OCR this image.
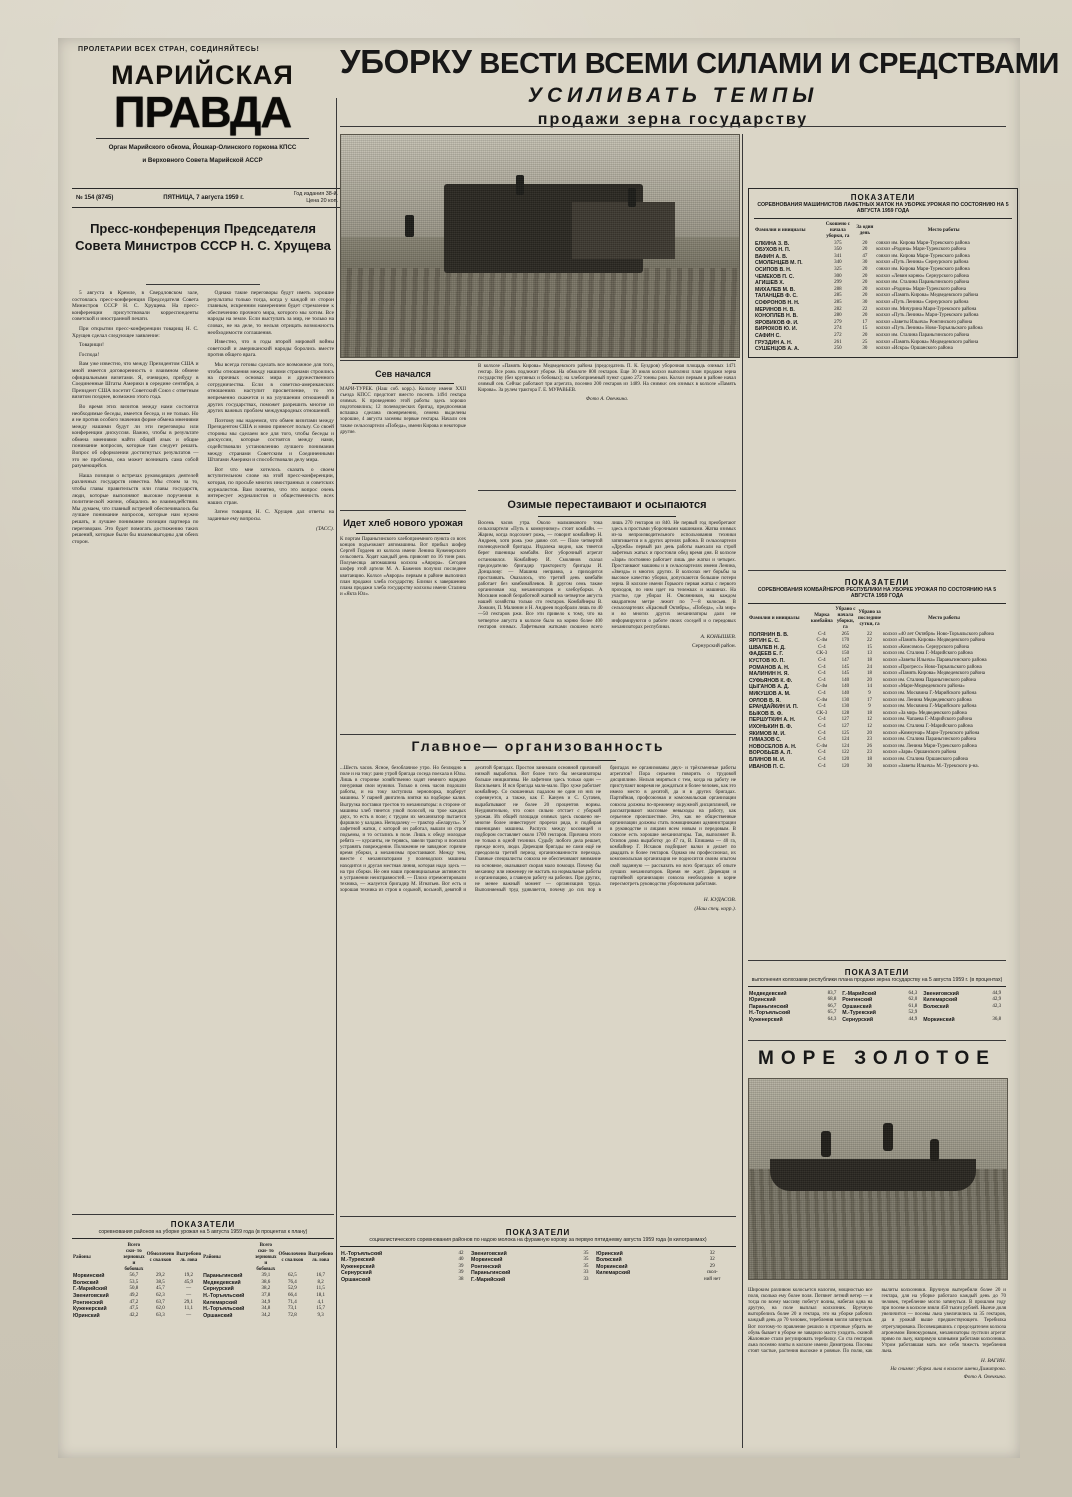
ПРОЛЕТАРИИ ВСЕХ СТРАН, СОЕДИНЯЙТЕСЬ!
МАРИЙСКАЯ
ПРАВДА
Орган Марийского обкома, Йошкар-Олинского горкома КПСС
и Верховного Совета Марийской АССР
№ 154 (8745)	ПЯТНИЦА, 7 августа 1959 г.
Год издания 38-й.
Цена 20 коп.
Пресс-конференция Председателя Совета Министров СССР Н. С. Хрущева

5 августа в Кремле, в Свердловском зале, состоялась пресс-конференция Председателя Совета Министров СССР Н. С. Хрущева. На пресс-конференции присутствовали корреспонденты советской и иностранной печати.

При открытии пресс-конференции товарищ Н. С. Хрущев сделал следующее заявление:

Товарищи!

Господа!

Вам уже известно, что между Президентом США и мной имеется договоренность о взаимном обмене официальными визитами. Я, очевидно, прибуду в Соединенные Штаты Америки в середине сентября, а Президент США посетит Советский Союз с ответным визитом позднее, возможно этого года.

Во время этих визитов между нами состоятся необходимые беседы, имеется беседа, и не только. Но я не против особого значения форме обмена мнениями между нашими будут ли эти переговоры или конференции дискуссия. Важно, чтобы в результате обмена мнениями найти общий язык и общие понимание вопросов, которые там следует решать. Вопрос об оформлении достигнутых результатов — это не проблема, она может возникать сама собой разумеющейся.

Наша позиция о встречах руководящих деятелей различных государств известна. Мы стоим за то, чтобы главы правительств или главы государств, люди, которые выполняют высокие поручения в политической жизни, общались во взаимодействии. Мы думаем, что главный встречей обеспечивалось бы лучшее понимание вопросов, которые нам нужно решать, и лучшее понимание позиции партнера по переговорам. Это будет помогать достижению таких решений, которые были бы взаимовыгодны для обеих сторон.

Однако такие переговоры будут иметь хорошие результаты только тогда, когда у каждой из сторон главным, искренним намерением будет стремление к обеспечению прочного мира, которого мы хотим. Все народы на земле. Если выступать за мир, не только на словах, не на деле, то нельзя отрицать возможность необходимости соглашения.

Известно, что в годы второй мировой войны советский и американский народы боролись вместе против общего врага.

Мы всегда готовы сделать все возможное для того, чтобы отношения между нашими странами строились на прочных основах мира и дружественного сотрудничества. Если в советско-американских отношениях наступит просветление, то это непременно скажется и на улучшении отношений в других государствах, поможет разрешить многие из других важных проблем международных отношений.

Поэтому мы надеемся, что обмен визитами между Президентом США и мною принесет пользу. Со своей стороны мы сделаем все для того, чтобы беседы и дискуссии, которые состоятся между нами, содействовали установлению лучшего понимания между странами Советским и Соединенными Штатами Америки и способствовали делу мира.

Вот что мне хотелось сказать о своем вступительном слове на этой пресс-конференции, которая, по просьбе многих иностранных и советских журналистов. Вам понятно, что это вопрос очень интересует журналистов и общественность всех наших стран.

Затем товарищ Н. С. Хрущев дал ответы на заданные ему вопросы.

(ТАСС).

ПОКАЗАТЕЛИ
соревнования районов на уборке урожая на 5 августа 1959 года (в процентах к плану)
Районы	Всего ски- то зерновых и бобовых	Обмолочено с свалков	Выгребоно ль лова	Районы	Всего ски- то зерновых и бобовых	Обмолочено с свалков	Выгребоно ль лова
Моркинский	56,7	29,2	19,2	Параньгинский	39,1	62,5	16,7
Волжский	53,5	38,5	45,9	Медведевский	38,6	76,4	8,2
Г.-Марийский	50,8	45,7	—	Сернурский	38,2	52,9	11,5
Звениговский	49,2	62,3	—	Н.-Торъяльский	37,8	66,4	18,1
Ронгинский	47,2	63,7	29,1	Килемарский	34,9	71,4	4,1
Куженерский	47,5	62,0	11,1	Н.-Торъяльский	34,8	73,1	15,7
Юринский	42,2	63,3	—	Оршанский	34,2	72,8	9,3
УБОРКУ ВЕСТИ ВСЕМИ СИЛАМИ И СРЕДСТВАМИ
УСИЛИВАТЬ ТЕМПЫ
продажи зерна государству
Сев начался
МАРИ-ТУРЕК. (Наш соб. корр.). Колхозу имени XXII съезда КПСС предстоит вместо посеять 1494 гектара озимых. К проведению этой работы здесь хорошо подготовились; 12 полеводческих бригад, предпосевная вспашка сделана своевременно, семена выделены хорошие, 4 августа засеяны первые гектары. Начали сев также сельхозартели «Победа», имени Кирова и некоторые другие.
В колхозе «Память Кирова» Медведевского района (председатель П. К. Буздров) уборочная площадь озимых 1471 гектар. Все рожь подлежит уборке. На обмолоте 800 гектаров. Еще 30 июля колхоз выполнил план продажи зерна государству (без крупяных и бобовых); на хлебоприемный пункт сдано 272 тонны ржи. Колхоз первым в районе начал озимый сев. Сейчас работают три агрегата, посеяно 200 гектаров из 1489. На снимке: сев озимых в колхозе «Память Кирова». За рулем трактора Г. Е. МУРАВЬЕВ.
Фото А. Овечкина.
Идет хлеб нового урожая
К портам Параньгинского хлебоприемного пункта со всех концов подъезжают автомашины. Вот прибыл шофер Сергей Гордеев из колхоза имени Ленина Куженерского сельсовета. Ходят каждый день привозят по 16 тонн ржи. Полумесяца автомашина колхоза «Аврора». Сегодня шофер этой артели М. А. Баженов получил последнее квитанцию. Колхоз «Аврора» первым в районе выполнил план продажи хлеба государству. Близки к завершению плана продажи хлеба государству колхозы имени Сталина и «Якта Юл».
Озимые перестаивают и осыпаются
Восемь часов утра. Около мальчикового тока сельхозартели «Путь к коммунизму» стоит комбайн. — Жарим, когда подсохнет рожь, — говорит комбайнер Н. Андреев, хотя рожь уже давно сот. — Поле четвертой полеводческой бригады. Издалека видно, как тянется берег пшеницы комбайн. Вот уборочный агрегат остановился. Комбайнер И. Смолянов сказал председателю бригадир трактористу бригады И. Донцалову: — Машина неправна, а приходится простаивать. Оказалось, что третий день комбайн работает без комбинайлевов. В другом семь также организован ход механизаторов и хлебоуборки. А Москвин новой безработной жатвой на четвертое августа нашей хозяйства только сто гектаров. Комбайнеры В. Ложкин, П. Малинин и Н. Андреев подобрали лишь по 40—50 гектаров ржи. Все эти привело к тому, что на четвертое августа в колхозе было на корню более 400 гектаров озимых. Лафетными жатками скошено всего лишь 270 гектаров из 840. Не первый год преобретают здесь в простыми уборочными машинами. Жатва озимых из-за непроизводительного использования техники затягивается и в других артелях района. В сельхозартели «Дружба» первый раз день работы выехали на строй лафетных жатых и простояли обед время дня. В колхозе «Заря» постоянно работает лишь две жатки и четырех. Простаивают машины и в сельхозартелях имени Ленина, «Звезда» и многих других. В колхозах нет борьбы за высокое качество уборки, допускаются большие потери зерна. В колхозе имени Горького первая жатка с первого проходов, по ним идет на тележках и машинах. На участке, где убирал Н. Овсянников, на каждом квадратном метре лежит по 7—8 колосьев. В сельхозартелях «Красный Октябрь», «Победа», «За мир» и во многих других механизаторы дали не информируются о работе своих соседей и о передовых механизаторах республики.
А. КОНЫШЕВ.
Сернурский район.
Главное— организованность
...Шесть часов. Ясное, безоблачное утро. Но безлюдно в поле и на току: рано утрой бригада соседа поехала в Юлы. Лишь в сторонке хозяйственно ходят немного нарядно понуривая свои мужики. Только в семь часов подошли работы, и на току заступила зернопорка, подберут машины. У парней двигатель взятки на подборке калия. Выгрузка поставки трестов то механизаторы: в стороне от машины хлеб тянется узкой полосой, на трое каждых двух, то есть в поле; с трудом их механизатор пытается фаршило у калдана. Неподалеку — трактор «Беларусь». У лафетной жатки, с которой он работал, вышли из строя подъемы, и то остались в поле. Лишь к обеду молодые ребята — курсанты, не теряясь, завели трактор и поехали устранять повреждение. Положение не завидное: горячие время уборки, а механизмы простаивают. Между тем, вместе с механизаторами у полеводских машины находится и другая местная линия, которая надо здесь — на три сборки. Не они наши провинциальные активности в устранении неисправностей. — Плохо отремонтировали техника, — жалуется бригадир М. Игнатьев. Вот есть и хорошая техника из строя в седьмой, восьмой, девятой и десятой бригадах. Простои занимали основной причиной низкой выработки. Вот более того бы механизаторы больше инициативы. Не лафетном здесь только один — Васильевич. И вся бригада мало-мало. Про хуже работает комбайнер. Со скошенных падалом не один из них не соревнуется, а также, как Г. Кануев и С. Сугачев, вырабатывают не более 20 процентов нормы. Неудивительно, что союз сильно отстает с уборкой урожая. Их общей площади озимых здесь скошено не-многие более инвестирует прорехи ряда, и подбирая пшеницами машины. Распуск между косовицей и подбором составляет около 1700 гектаров. Причина этого не только в одной техники. Судьбу любого дела решает, прежде всего, люди. Дирекция бригады не сами ещё не преодолела третий период организованности перехода. Главные специалисты совхоза не обеспечивают внимание на основное, оказывают скорая мало помощи. Почему бы механику или инженеру не настать на нормальные работы и организацию, а главную работу на рабочих. При других, не менее важный момент — организация труда. Выполняемый труд удивляется, почему до сих пор в бригадах не организованы двух- и трёхсменные работы агрегатов? Пора серьезно говорить о трудовой дисциплине. Нельзя миряться с тем, когда на работу не приступают вовремя не дождаться и более человек, как это имело место в десятой, да и в других бригадах. Партийная, профсоюзная и комсомольская организации совхоза должны по-прежнему окружной дисциплиной, не рассматривают массовые невыходы на работу, как серьезное происшествие. Это, как не общественные организации должны стать помощниками администрации в руководстве и лицами всем новым и передовым. В совхозе есть хорошие механизаторы. Так, выполняет В. Осипов дома выработку до 47 га, В. Епишева — 40 га, комбайнер Г. Исхаков подбирает валки и делает по двадцать и более гектаров. Однако им профессионал, их комсомольская организация не подносится своим опытом свой заданную — рассказать но всех бригадах об опыте лучших механизаторов. Время не ждет. Дирекция и партийной организации совхоза необходимо в корне пересмотреть руководство уборочными работами.
Н. КУДАСОВ.
(Наш спец. корр.).
ПОКАЗАТЕЛИ
социалистического соревнования районов по надою молока на фуражную корову за первую пятидневку августа 1959 года (в килограммах)
Н.-Торъяльский	42	Звениговский	35	Юринский	32
М.-Турекский	40	Моркинский	35	Волжский	32
Куженерский	39	Ронгинский	35	Моркинский	29
Сернурский	39	Параньгинский	33	Килемарский	скол-
Оршанский	38	Г.-Марийский	33		ний нет
ПОКАЗАТЕЛИ
СОРЕВНОВАНИЯ МАШИНИСТОВ ЛАФЕТНЫХ ЖАТОК НА УБОРКЕ УРОЖАЯ ПО СОСТОЯНИЮ НА 5 АВГУСТА 1959 ГОДА
Фамилия и инициалы	Скошено с начала уборки, га	За один день	Место работы
ЕЛКИНА З. В.	375	20	совхоз им. Кирова Мари-Турекского района
ОБУХОВ Н. П.	350	20	колхоз «Родина» Мари-Турекского района
ВАФИН А. В.	341	47	совхоз им. Кирова Мари-Турекского района
СМОЛЕНЦЕВ М. П.	340	30	колхоз «Путь Ленина» Сернурского района
ОСИПОВ В. Н.	325	20	совхоз им. Кирова Мари-Турекского района
ЧЕМЕКОВ П. С.	300	20	колхоз «Левин корню» Сернурского района
АГИШЕВ Х.	299	20	колхоз им. Сталина Параньгинского района
МИХАЛЕВ М. В.	288	20	колхоз «Родина» Мари-Турекского района
ТАЛАНЦЕВ Ф. С.	285	20	колхоз «Память Кирова» Медведевского района
СОФРОНОВ Н. Н.	285	30	колхоз «Путь Ленина» Сернурского района
МЕРИНОВ Н. В.	282	22	колхоз им. Мичурина Мари-Турекского района
КОНОПЛЕВ Н. В.	280	20	колхоз «Путь Ленина» Мари-Турекского района
ЯРОВИКОВ Ф. И.	279	17	колхоз «Заветы Ильича» Ронгинского района
БИРЮКОВ Ю. И.	274	15	колхоз «Путь Ленина» Ново-Торъяльского района
САФИН С.	272	20	колхоз им. Сталина Параньгинского района
ГРУЗДИН А. Н.	261	25	колхоз «Память Кирова» Медведевского района
СУШЕНЦОВ А. А.	250	30	колхоз «Искра» Оршанского района
ПОКАЗАТЕЛИ
СОРЕВНОВАНИЯ КОМБАЙНЕРОВ РЕСПУБЛИКИ НА УБОРКЕ УРОЖАЯ ПО СОСТОЯНИЮ НА 5 АВГУСТА 1959 ГОДА
Фамилия и инициалы	Марка комбайна	Убрано с начала уборки, га	Убрано за последние сутки, га	Место работы
ПОЛЯНИН В. В.	С-4	265	22	колхоз «40 лет Октября» Ново-Торъяльского района
ЯРГИН Е. С.	С-4м	170	22	колхоз «Память Кирова» Медведевского района
ШВАЛЕВ Н. Д.	С-4	162	15	колхоз «Комсомол» Сернурского района
ФАДЕЕВ Е. Г.	СК-3	150	13	колхоз им. Сталина Г.-Марийского района
КУСТОВ Ю. П.	С-4	147	18	колхоз «Заветы Ильича» Параньгинского района
РОМАНОВ А. Н.	С-4	145	24	колхоз «Прогресс» Ново-Торъяльского района
МАЛИНИН Н. Я.	С-4	145	18	колхоз «Память Кирова» Медведевского района
СУФЬЯНОВ К. Ф.	С-4	140	20	колхоз им. Сталина Параньгинского района
ЦЫГАНОВ А. Д.	С-4м	140	14	колхоз «Мари-Медведевского района»
МИКУШОВ А. М.	С-4	140	9	колхоз им. Москвина Г.-Марийского района
ОРЛОВ В. Я.	С-4м	130	17	колхоз им. Ленина Медведевского района
ЕРАНДАЙКИН И. П.	С-4	130	9	колхоз им. Москвина Г.-Марийского района
БЫКОВ В. Ф.	СК-3	128	18	колхоз «За мир» Медведевского района
ПЕРШУТКИН А. Н.	С-4	127	12	колхоз им. Чапаева Г.-Марийского района
ИХОНЬКИН В. Ф.	С-4	127	12	колхоз им. Сталина Г.-Марийского района
ЯКИМОВ М. И.	С-4	125	20	колхоз «Коммунар» Мари-Турекского района
ГИМАЗОВ С.	С-4	124	23	колхоз им. Сталина Параньгинского района
НОВОСЕЛОВ А. Н.	С-4м	124	26	колхоз им. Ленина Мари-Турекского района
ВОРОБЬЕВ А. Л.	С-4	122	23	колхоз «Заря» Оршанского района
БЛИНОВ М. И.	С-4	120	18	колхоз им. Сталина Оршанского района
ИВАНОВ П. С.	С-4	120	30	колхоз «Заветы Ильича» М.-Турекского р-на.
ПОКАЗАТЕЛИ
выполнения колхозами республики плана продажи зерна государству на 5 августа 1959 г. (в процентах)
Медведевский	83,7	Г.-Марийский	64,3	Звениговский	44,9
Юринский	68,8	Ронгинский	62,0	Килемарский	42,9
Параньгинский	66,7	Оршанский	61,8	Волжский	42,3
Н.-Торъяльский	65,7	М.-Турекский	52,9		
Куженерский	64,3	Сернурский	44,9	Моркинский	36,8
МОРЕ ЗОЛОТОЕ
Широким разливом колосьется налогом, мощностью все поля, сколько ему более поля. Потянет летний ветер — и тогда по всему массиву побегут волны, набегая одна на другую, на поле выплыл колхозник. Вручную выторбелись более 20 и гектара, это на уборке рабочих каждый день до 70 человек, теребления могли затянуться. Вот поэтому-то правление решило в строчные убрать не обувь бывает в уборке не заварило масто уходить. скиной Жалонкие стали регулировать теребилку. Со ста гектаров льна посеяно взяты в колхозе имени Димитрова. Посевы стоят частые, растения высокие и ровные. По полю, как вылиты колхозники. Вручную вытеребили более 20 и гектара, для на уборке работало каждый день до 70 человек, теребление могло затянуться. В прошлом году при посеве в колхозе взяли 450 тысяч рублей. Нынче доля увеличится — посевы льна увеличились за 35 гектаров, да и урожай выше предшествующего. Теребилка отрегулирована. Посовещавшись с председателем колхоза агрономом Винокуровым, механизаторы пустили агрегат прямо по льну, напрямую клиньями работами колхозника. Утром работавшая мать все себя тяжесть теребления льна.
Н. ВАГИН.
На снимке: уборка льна в колхозе имени Димитрова.
Фото А. Овечкина.
